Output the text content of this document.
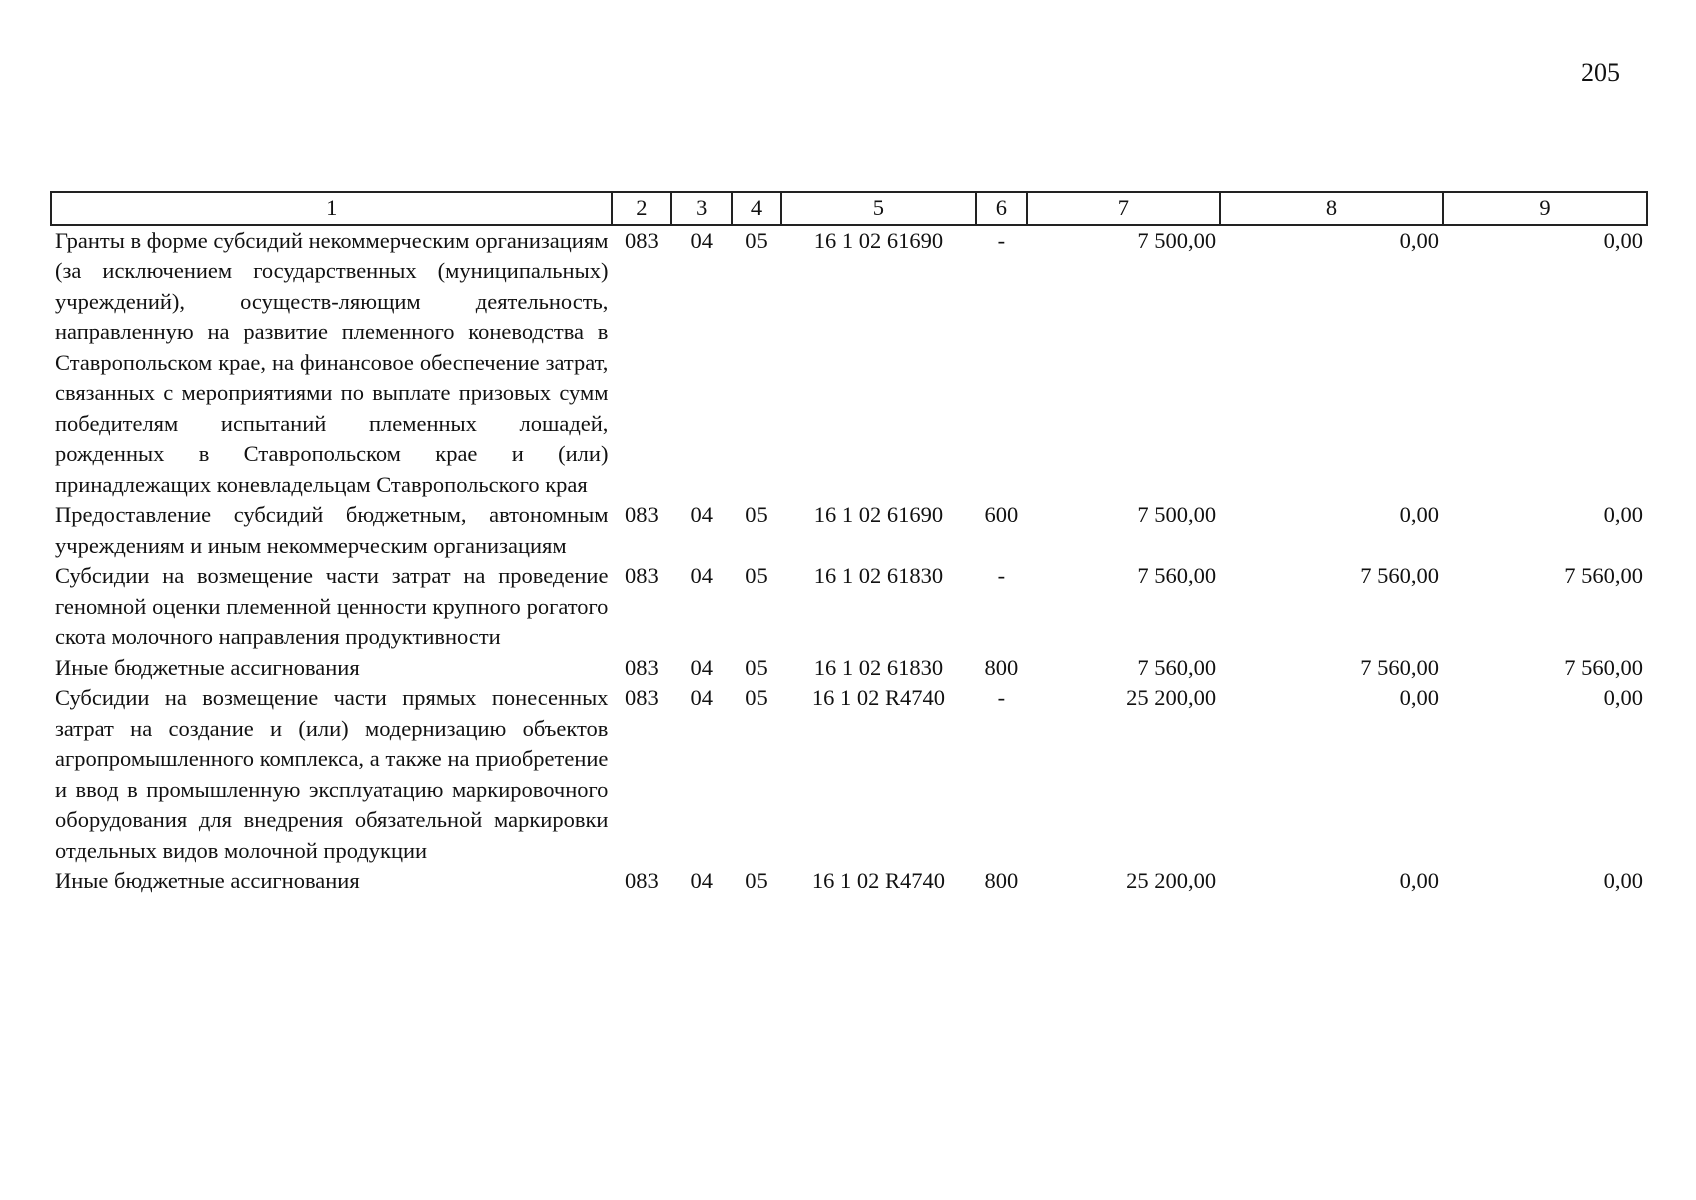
205
1	2	3	4	5	6	7	8	9
Гранты в форме субсидий некоммерческим организациям (за исключением государственных (муниципальных) учреждений), осуществ-ляющим деятельность, направленную на развитие племенного коневодства в Ставропольском крае, на финансовое обеспечение затрат, связанных с мероприятиями по выплате призовых сумм победителям испытаний племенных лошадей, рожденных в Ставропольском крае и (или) принадлежащих коневладельцам Ставропольского края	083	04	05	16 1 02 61690	-	7 500,00	0,00	0,00
Предоставление субсидий бюджетным, автономным учреждениям и иным некоммерческим организациям	083	04	05	16 1 02 61690	600	7 500,00	0,00	0,00
Субсидии на возмещение части затрат на проведение геномной оценки племенной ценности крупного рогатого скота молочного направления продуктивности	083	04	05	16 1 02 61830	-	7 560,00	7 560,00	7 560,00
Иные бюджетные ассигнования	083	04	05	16 1 02 61830	800	7 560,00	7 560,00	7 560,00
Субсидии на возмещение части прямых понесенных затрат на создание и (или) модернизацию объектов агропромышленного комплекса, а также на приобретение и ввод в промышленную эксплуатацию маркировочного оборудования для внедрения обязательной маркировки отдельных видов молочной продукции	083	04	05	16 1 02 R4740	-	25 200,00	0,00	0,00
Иные бюджетные ассигнования	083	04	05	16 1 02 R4740	800	25 200,00	0,00	0,00
